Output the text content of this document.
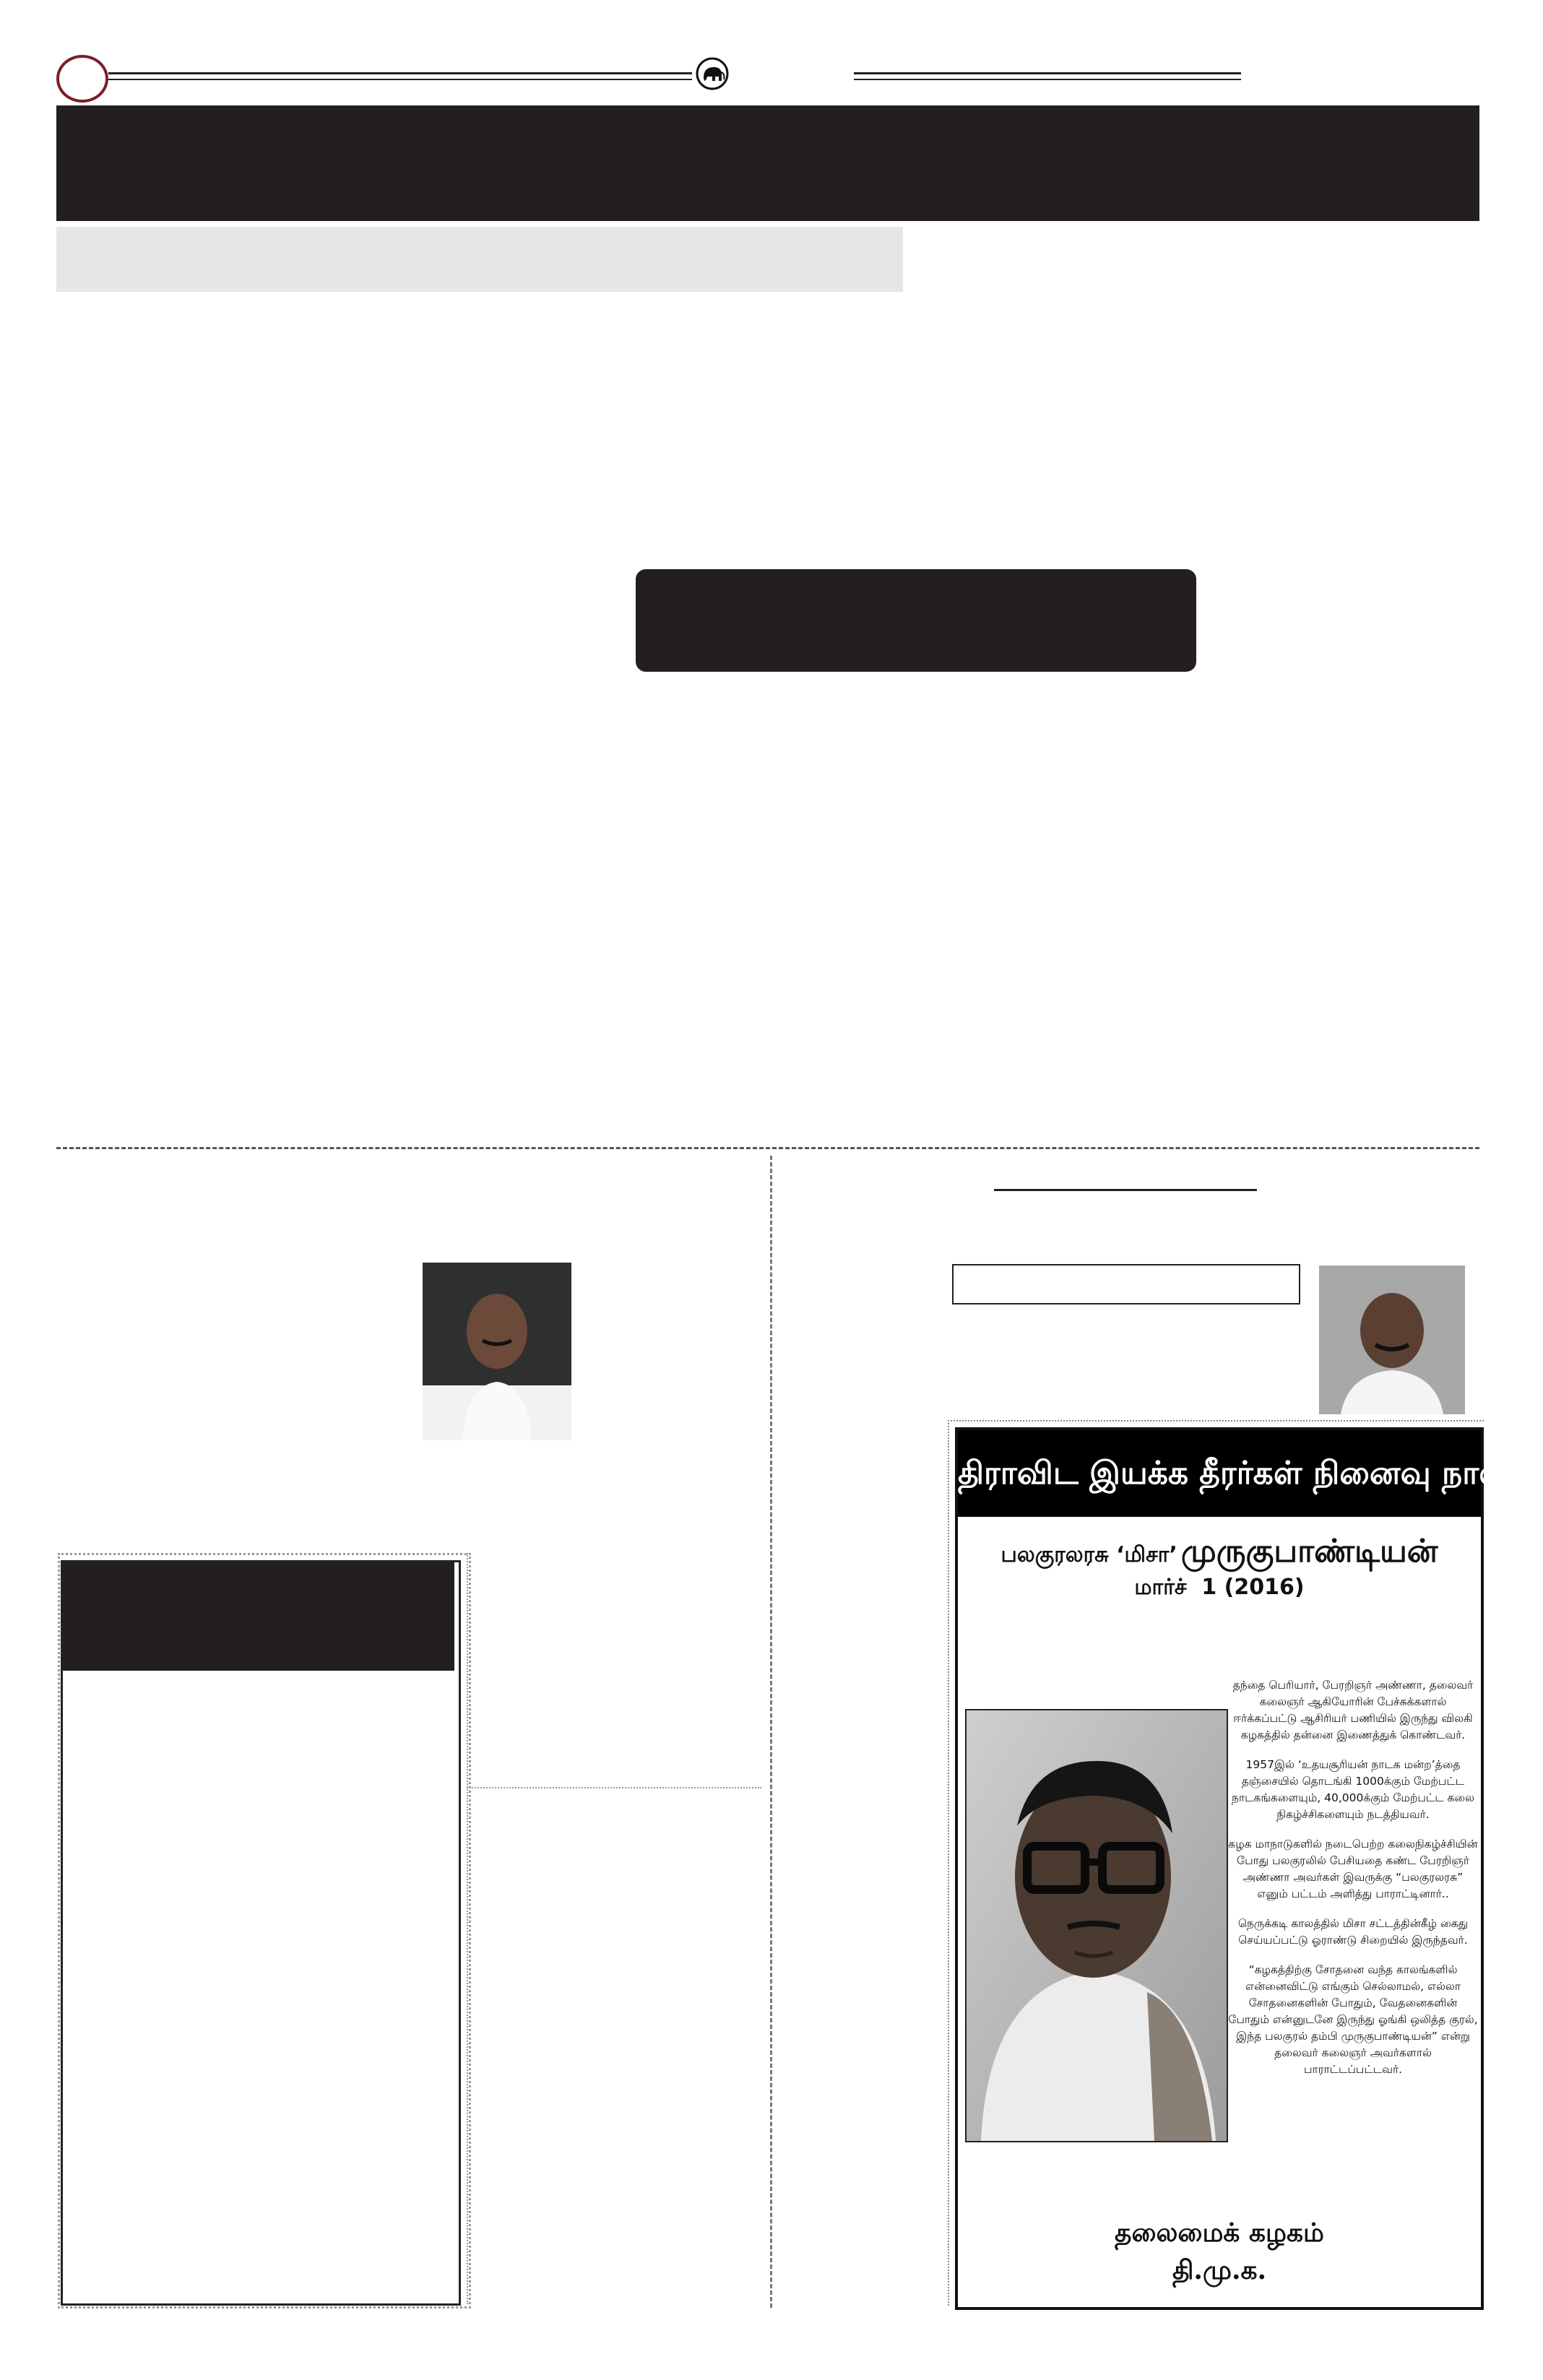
திராவிட இயக்க தீரர்கள் நினைவு நாள்
பலகுரலரசு ‘மிசா’ முருகுபாண்டியன்
மார்ச்  1 (2016)

தந்தை பெரியார், பேரறிஞர் அண்ணா, தலைவர் கலைஞர் ஆகியோரின் பேச்சுக்களால் ஈர்க்கப்பட்டு ஆசிரியர் பணியில் இருந்து விலகி கழகத்தில் தன்னை இணைத்துக் கொண்டவர்.

1957இல் ‘உதயசூரியன் நாடக மன்ற’த்தை தஞ்சையில் தொடங்கி 1000க்கும் மேற்பட்ட நாடகங்களையும், 40,000க்கும் மேற்பட்ட கலை நிகழ்ச்சிகளையும் நடத்தியவர்.

கழக மாநாடுகளில் நடைபெற்ற கலைநிகழ்ச்சியின் போது பலகுரலில் பேசியதை கண்ட பேரறிஞர் அண்ணா அவர்கள் இவருக்கு “பலகுரலரசு” எனும் பட்டம் அளித்து பாராட்டினார்..

நெருக்கடி காலத்தில் மிசா சட்டத்தின்கீழ் கைது செய்யப்பட்டு ஓராண்டு சிறையில் இருந்தவர்.

“கழகத்திற்கு சோதனை வந்த காலங்களில் என்னைவிட்டு எங்கும் செல்லாமல், எல்லா சோதனைகளின் போதும், வேதனைகளின் போதும் என்னுடனே இருந்து ஓங்கி ஒலித்த குரல், இந்த பலகுரல் தம்பி முருகுபாண்டியன்” என்று தலைவர் கலைஞர் அவர்களால் பாராட்டப்பட்டவர்.

தலைமைக் கழகம்
தி.மு.க.
